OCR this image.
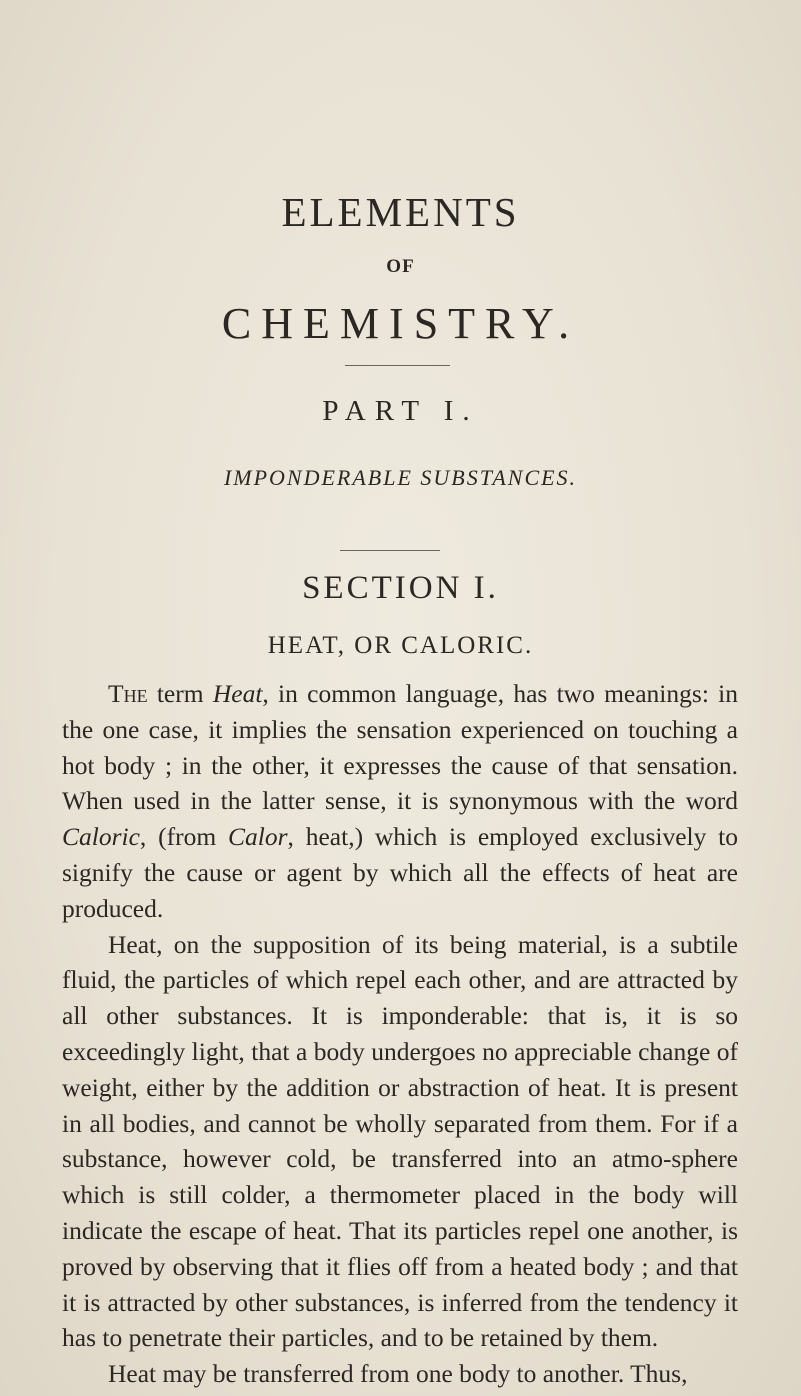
ELEMENTS
OF
CHEMISTRY.
PART I.
IMPONDERABLE SUBSTANCES.
SECTION I.
HEAT, OR CALORIC.

The term Heat, in common language, has two meanings: in the one case, it implies the sensation experienced on touching a hot body ; in the other, it expresses the cause of that sensation. When used in the latter sense, it is synonymous with the word Caloric, (from Calor, heat,) which is employed exclusively to signify the cause or agent by which all the effects of heat are produced.

Heat, on the supposition of its being material, is a subtile fluid, the particles of which repel each other, and are attracted by all other substances. It is imponderable: that is, it is so exceedingly light, that a body undergoes no appreciable change of weight, either by the addition or abstraction of heat. It is present in all bodies, and cannot be wholly separated from them. For if a substance, however cold, be transferred into an atmo-sphere which is still colder, a thermometer placed in the body will indicate the escape of heat. That its particles repel one another, is proved by observing that it flies off from a heated body ; and that it is attracted by other substances, is inferred from the tendency it has to penetrate their particles, and to be retained by them.

Heat may be transferred from one body to another. Thus,
